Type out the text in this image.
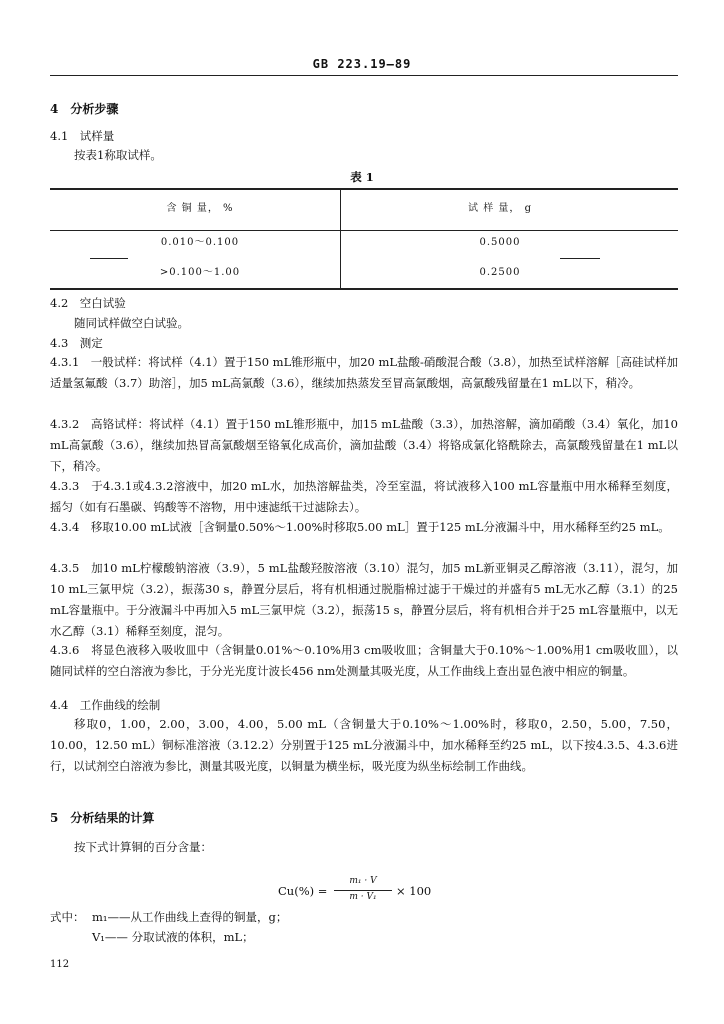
GB 223.19—89
4　分析步骤
4.1　试样量
按表1称取试样。
表 1
含 铜 量， %	试 样 量， g
0.010～0.100	0.5000
>0.100～1.00	0.2500
4.2　空白试验
随同试样做空白试验。
4.3　测定
4.3.1　一般试样：将试样（4.1）置于150 mL锥形瓶中，加20 mL盐酸-硝酸混合酸（3.8），加热至试样溶解［高硅试样加适量氢氟酸（3.7）助溶］，加5 mL高氯酸（3.6），继续加热蒸发至冒高氯酸烟，高氯酸残留量在1 mL以下，稍冷。
4.3.2　高铬试样：将试样（4.1）置于150 mL锥形瓶中，加15 mL盐酸（3.3），加热溶解，滴加硝酸（3.4）氧化，加10 mL高氯酸（3.6），继续加热冒高氯酸烟至铬氧化成高价，滴加盐酸（3.4）将铬成氯化铬酰除去，高氯酸残留量在1 mL以下，稍冷。
4.3.3　于4.3.1或4.3.2溶液中，加20 mL水，加热溶解盐类，冷至室温，将试液移入100 mL容量瓶中用水稀释至刻度，摇匀（如有石墨碳、钨酸等不溶物，用中速滤纸干过滤除去）。
4.3.4　移取10.00 mL试液［含铜量0.50%～1.00%时移取5.00 mL］置于125 mL分液漏斗中，用水稀释至约25 mL。
4.3.5　加10 mL柠檬酸钠溶液（3.9），5 mL盐酸羟胺溶液（3.10）混匀，加5 mL新亚铜灵乙醇溶液（3.11），混匀，加10 mL三氯甲烷（3.2），振荡30 s，静置分层后，将有机相通过脱脂棉过滤于干燥过的并盛有5 mL无水乙醇（3.1）的25 mL容量瓶中。于分液漏斗中再加入5 mL三氯甲烷（3.2），振荡15 s，静置分层后，将有机相合并于25 mL容量瓶中，以无水乙醇（3.1）稀释至刻度，混匀。
4.3.6　将显色液移入吸收皿中（含铜量0.01%～0.10%用3 cm吸收皿；含铜量大于0.10%～1.00%用1 cm吸收皿），以随同试样的空白溶液为参比，于分光光度计波长456 nm处测量其吸光度，从工作曲线上查出显色液中相应的铜量。
4.4　工作曲线的绘制
移取0，1.00，2.00，3.00，4.00，5.00 mL（含铜量大于0.10%～1.00%时，移取0，2.50，5.00，7.50，10.00，12.50 mL）铜标准溶液（3.12.2）分别置于125 mL分液漏斗中，加水稀释至约25 mL，以下按4.3.5、4.3.6进行，以试剂空白溶液为参比，测量其吸光度，以铜量为横坐标，吸光度为纵坐标绘制工作曲线。
5　分析结果的计算
按下式计算铜的百分含量：
Cu(%) =
m₁ · V
m · V₁	× 100
式中： m₁——从工作曲线上查得的铜量，g；
V₁—— 分取试液的体积，mL；
112
